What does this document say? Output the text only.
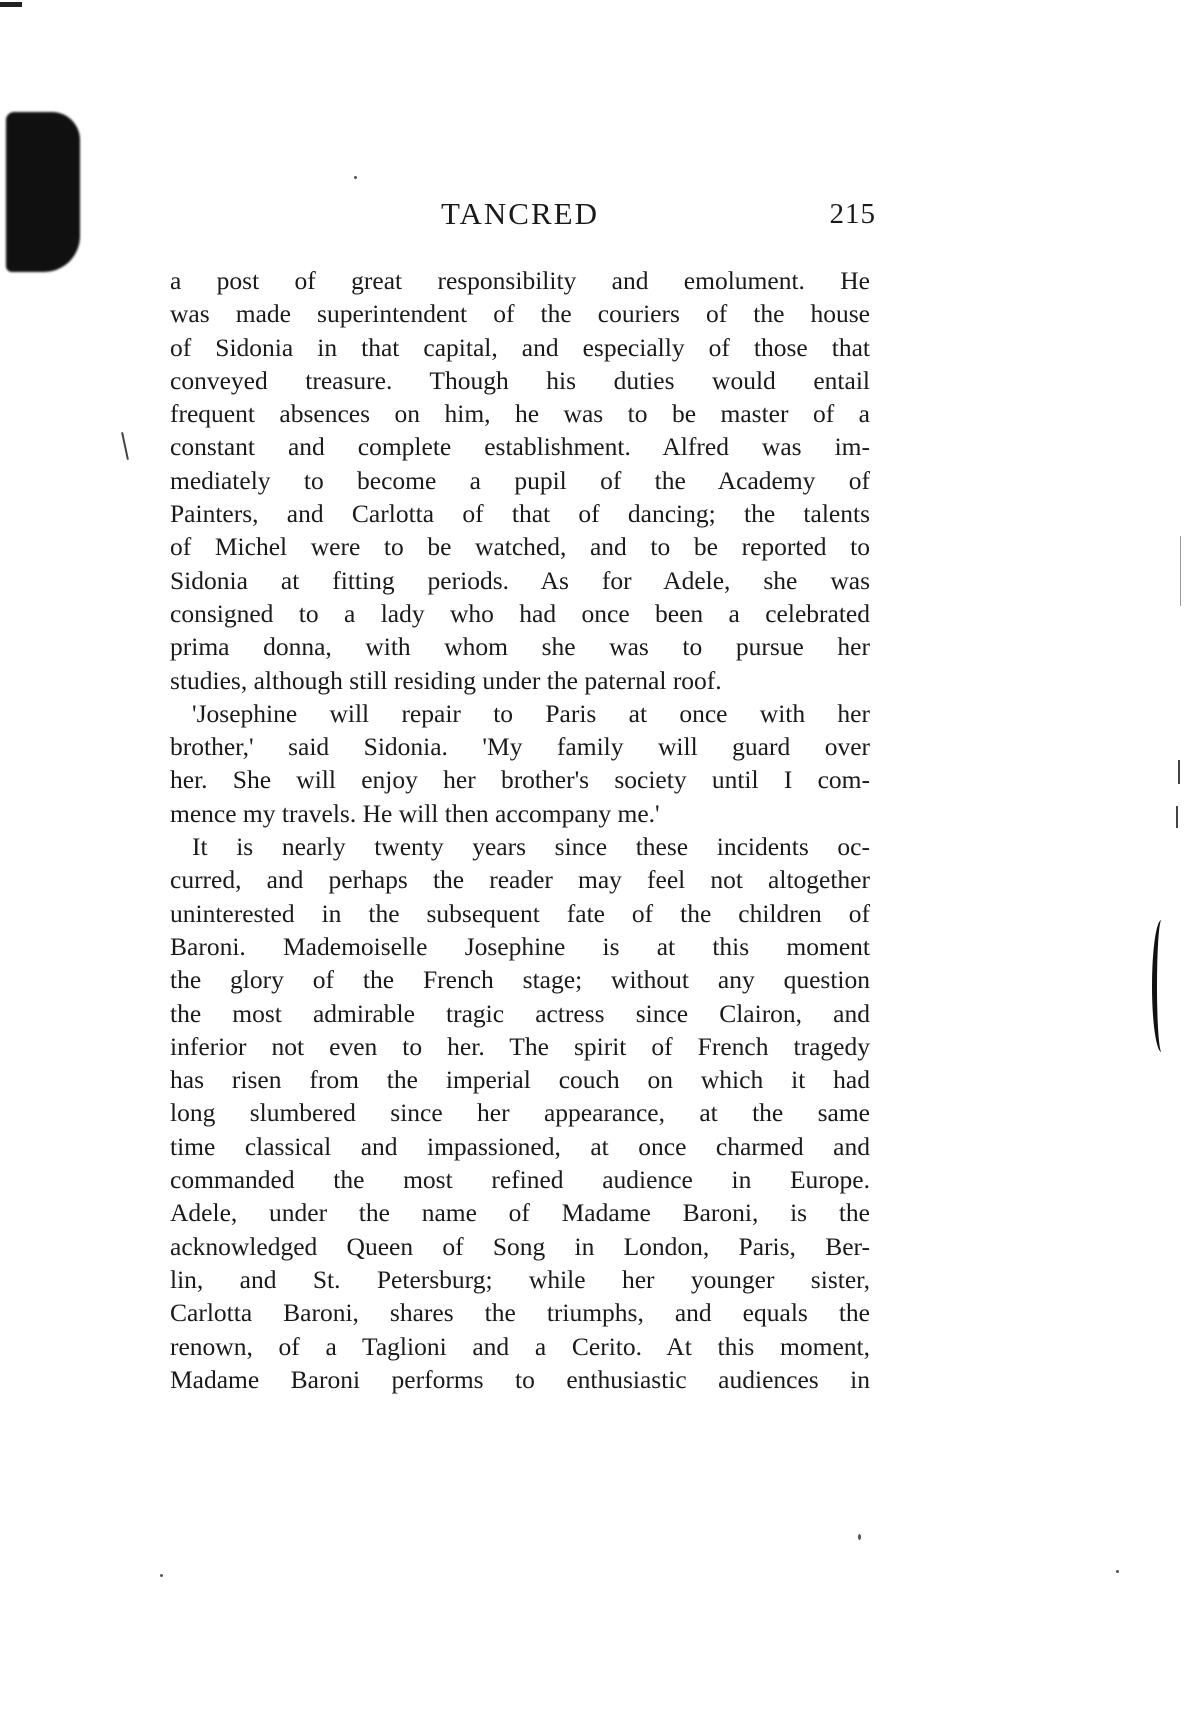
TANCRED	215
a post of great responsibility and emolument. He
was made superintendent of the couriers of the house
of Sidonia in that capital, and especially of those that
conveyed treasure. Though his duties would entail
frequent absences on him, he was to be master of a
constant and complete establishment. Alfred was im-
mediately to become a pupil of the Academy of
Painters, and Carlotta of that of dancing; the talents
of Michel were to be watched, and to be reported to
Sidonia at fitting periods. As for Adele, she was
consigned to a lady who had once been a celebrated
prima donna, with whom she was to pursue her
studies, although still residing under the paternal roof.
'Josephine will repair to Paris at once with her
brother,' said Sidonia. 'My family will guard over
her. She will enjoy her brother's society until I com-
mence my travels. He will then accompany me.'
It is nearly twenty years since these incidents oc-
curred, and perhaps the reader may feel not altogether
uninterested in the subsequent fate of the children of
Baroni. Mademoiselle Josephine is at this moment
the glory of the French stage; without any question
the most admirable tragic actress since Clairon, and
inferior not even to her. The spirit of French tragedy
has risen from the imperial couch on which it had
long slumbered since her appearance, at the same
time classical and impassioned, at once charmed and
commanded the most refined audience in Europe.
Adele, under the name of Madame Baroni, is the
acknowledged Queen of Song in London, Paris, Ber-
lin, and St. Petersburg; while her younger sister,
Carlotta Baroni, shares the triumphs, and equals the
renown, of a Taglioni and a Cerito. At this moment,
Madame Baroni performs to enthusiastic audiences in
